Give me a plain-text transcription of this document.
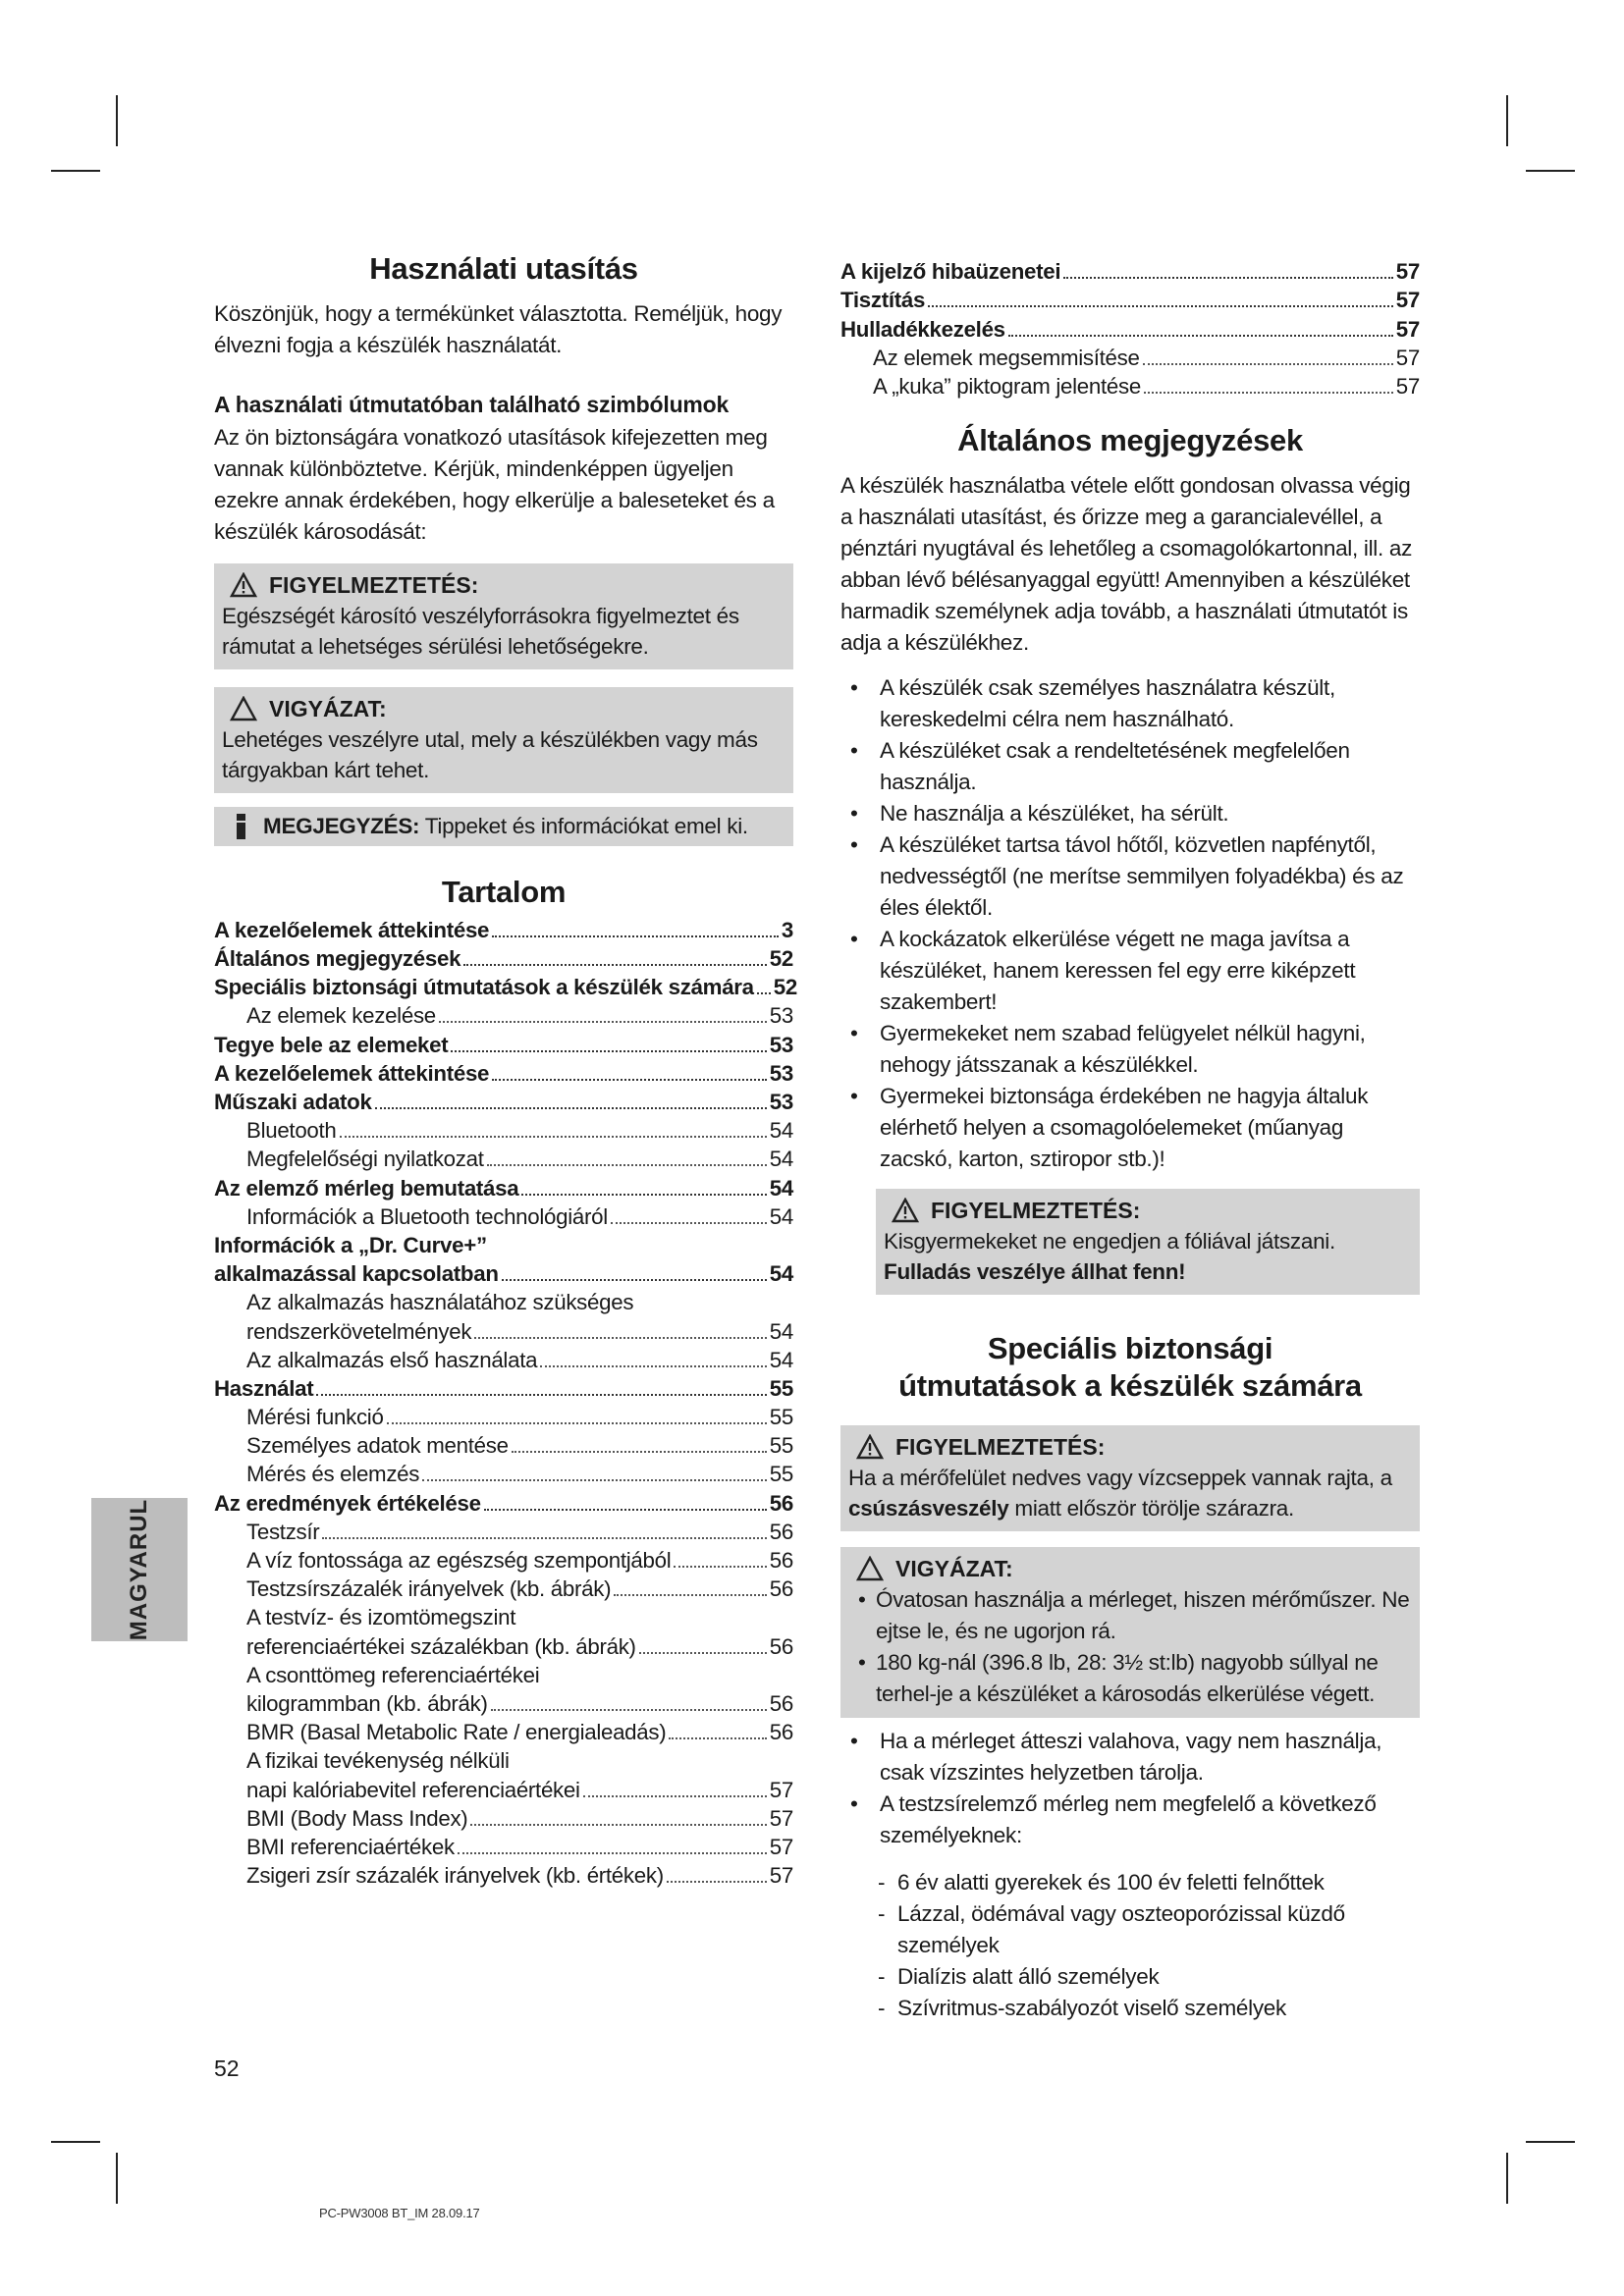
MAGYARUL
Használati utasítás

Köszönjük, hogy a termékünket választotta. Reméljük, hogy élvezni fogja a készülék használatát.

A használati útmutatóban található szimbólumok

Az ön biztonságára vonatkozó utasítások kifejezetten meg vannak különböztetve. Kérjük, mindenképpen ügyeljen ezekre annak érdekében, hogy elkerülje a baleseteket és a készülék károsodását:

FIGYELMEZTETÉS:

Egészségét károsító veszélyforrásokra figyelmeztet és rámutat a lehetséges sérülési lehetőségekre.

VIGYÁZAT:

Lehetéges veszélyre utal, mely a készülékben vagy más tárgyakban kárt tehet.

MEGJEGYZÉS: Tippeket és információkat emel ki.
Tartalom
A kezelőelemek áttekintése	3
Általános megjegyzések	52
Speciális biztonsági útmutatások a készülék számára 52
Az elemek kezelése	53
Tegye bele az elemeket	53
A kezelőelemek áttekintése	53
Műszaki adatok	53
Bluetooth	54
Megfelelőségi nyilatkozat	54
Az elemző mérleg bemutatása	54
Információk a Bluetooth technológiáról	54
Információk a „Dr. Curve+”
alkalmazással kapcsolatban	54
Az alkalmazás használatához szükséges
rendszerkövetelmények	54
Az alkalmazás első használata	54
Használat	55
Mérési funkció	55
Személyes adatok mentése	55
Mérés és elemzés	55
Az eredmények értékelése	56
Testzsír	56
A víz fontossága az egészség szempontjából	56
Testzsírszázalék irányelvek (kb. ábrák)	56
A testvíz- és izomtömegszint
referenciaértékei százalékban (kb. ábrák)	56
A csonttömeg referenciaértékei
kilogrammban (kb. ábrák)	56
BMR (Basal Metabolic Rate / energialeadás)	56
A fizikai tevékenység nélküli
napi kalóriabevitel referenciaértékei	57
BMI (Body Mass Index)	57
BMI referenciaértékek	57
Zsigeri zsír százalék irányelvek (kb. értékek)	57
A kijelző hibaüzenetei	57
Tisztítás	57
Hulladékkezelés	57
Az elemek megsemmisítése	57
A „kuka” piktogram jelentése	57
Általános megjegyzések

A készülék használatba vétele előtt gondosan olvassa végig a használati utasítást, és őrizze meg a garancialevéllel, a pénztári nyugtával és lehetőleg a csomagolókartonnal, ill. az abban lévő bélésanyaggal együtt! Amennyiben a készüléket harmadik személynek adja tovább, a használati útmutatót is adja a készülékhez.

• A készülék csak személyes használatra készült, kereskedelmi célra nem használható.
• A készüléket csak a rendeltetésének megfelelően használja.
• Ne használja a készüléket, ha sérült.
• A készüléket tartsa távol hőtől, közvetlen napfénytől, nedvességtől (ne merítse semmilyen folyadékba) és az éles élektől.
• A kockázatok elkerülése végett ne maga javítsa a készüléket, hanem keressen fel egy erre kiképzett szakembert!
• Gyermekeket nem szabad felügyelet nélkül hagyni, nehogy játsszanak a készülékkel.
• Gyermekei biztonsága érdekében ne hagyja általuk elérhető helyen a csomagolóelemeket (műanyag zacskó, karton, sztiropor stb.)!
FIGYELMEZTETÉS:

Kisgyermekeket ne engedjen a fóliával játszani.

Fulladás veszélye állhat fenn!

Speciális biztonsági
útmutatások a készülék számára
FIGYELMEZTETÉS:

Ha a mérőfelület nedves vagy vízcseppek vannak rajta, a csúszásveszély miatt először törölje szárazra.

VIGYÁZAT:
• Óvatosan használja a mérleget, hiszen mérőműszer. Ne ejtse le, és ne ugorjon rá.
• 180 kg-nál (396.8 lb, 28: 3½ st:lb) nagyobb súllyal ne terhel-je a készüléket a károsodás elkerülése végett.
• Ha a mérleget átteszi valahova, vagy nem használja, csak vízszintes helyzetben tárolja.
• A testzsírelemző mérleg nem megfelelő a következő személyeknek:
- 6 év alatti gyerekek és 100 év feletti felnőttek
- Lázzal, ödémával vagy oszteoporózissal küzdő személyek
- Dialízis alatt álló személyek
- Szívritmus-szabályozót viselő személyek
52
PC-PW3008 BT_IM 28.09.17
